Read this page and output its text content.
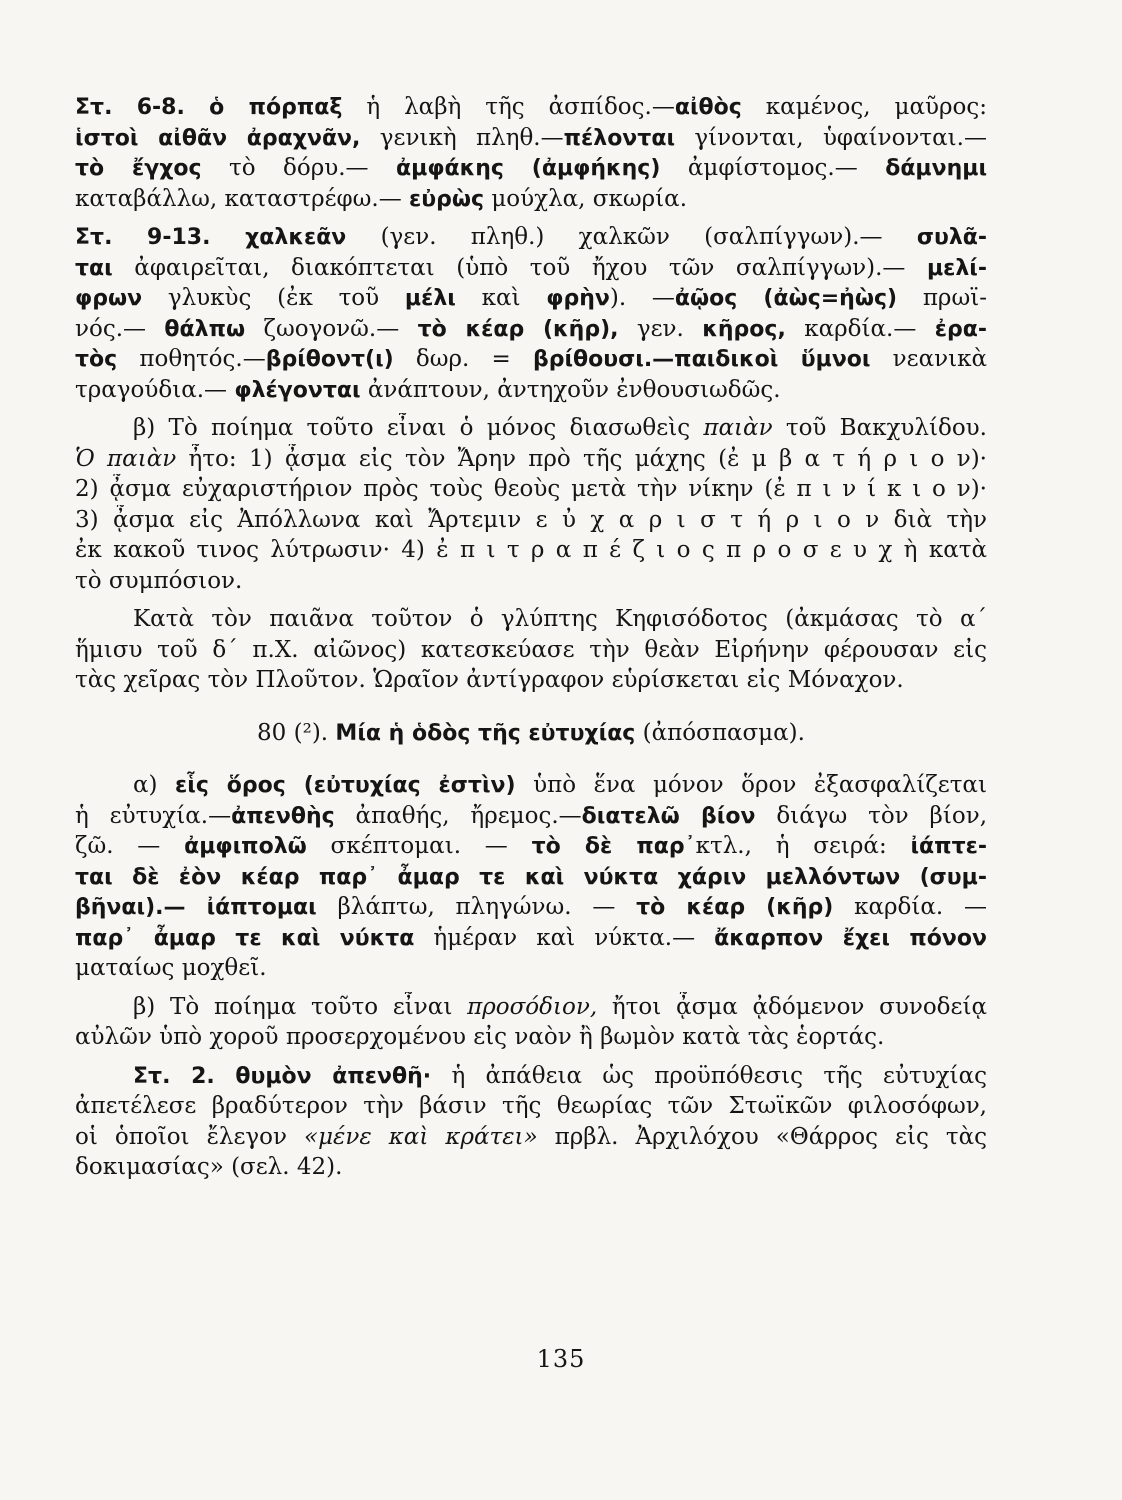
Στ. 6-8. ὁ πόρπαξ ἡ λαβὴ τῆς ἀσπίδος.—αἰθὸς καμένος, μαῦρος:
ἱστοὶ αἰθᾶν ἀραχνᾶν, γενικὴ πληθ.—πέλονται γίνονται, ὑφαίνονται.—
τὸ ἔγχος τὸ δόρυ.— ἀμφάκης (ἀμφήκης) ἀμφίστομος.— δάμνημι
καταβάλλω, καταστρέφω.— εὐρὼς μούχλα, σκωρία.
Στ. 9-13. χαλκεᾶν (γεν. πληθ.) χαλκῶν (σαλπίγγων).— συλᾶ-
ται ἀφαιρεῖται, διακόπτεται (ὑπὸ τοῦ ἤχου τῶν σαλπίγγων).— μελί-
φρων γλυκὺς (ἐκ τοῦ μέλι καὶ φρὴν). —ἀῷος (ἀὼς=ἠὼς) πρωϊ-
νός.— θάλπω ζωογονῶ.— τὸ κέαρ (κῆρ), γεν. κῆρος, καρδία.— ἐρα-
τὸς ποθητός.—βρίθοντ(ι) δωρ. = βρίθουσι.—παιδικοὶ ὕμνοι νεανικὰ
τραγούδια.— φλέγονται ἀνάπτουν, ἀντηχοῦν ἐνθουσιωδῶς.
β) Τὸ ποίημα τοῦτο εἶναι ὁ μόνος διασωθεὶς παιὰν τοῦ Βακχυλίδου.
Ὁ παιὰν ἦτο: 1) ᾆσμα εἰς τὸν Ἄρην πρὸ τῆς μάχης (ἐ μ β α τ ή ρ ι ο ν)·
2) ᾆσμα εὐχαριστήριον πρὸς τοὺς θεοὺς μετὰ τὴν νίκην (ἐ π ι ν ί κ ι ο ν)·
3) ᾆσμα εἰς Ἀπόλλωνα καὶ Ἄρτεμιν ε ὐ χ α ρ ι σ τ ή ρ ι ο ν διὰ τὴν
ἐκ κακοῦ τινος λύτρωσιν· 4) ἐ π ι τ ρ α π έ ζ ι ο ς π ρ ο σ ε υ χ ὴ κατὰ
τὸ συμπόσιον.
Κατὰ τὸν παιᾶνα τοῦτον ὁ γλύπτης Κηφισόδοτος (ἀκμάσας τὸ α´
ἥμισυ τοῦ δ´ π.Χ. αἰῶνος) κατεσκεύασε τὴν θεὰν Εἰρήνην φέρουσαν εἰς
τὰς χεῖρας τὸν Πλοῦτον. Ὡραῖον ἀντίγραφον εὑρίσκεται εἰς Μόναχον.
80 (²). Μία ἡ ὁδὸς τῆς εὐτυχίας (ἀπόσπασμα).
α) εἷς ὅρος (εὐτυχίας ἐστὶν) ὑπὸ ἕνα μόνον ὅρον ἐξασφαλίζεται
ἡ εὐτυχία.—ἀπενθὴς ἀπαθής, ἤρεμος.—διατελῶ βίον διάγω τὸν βίον,
ζῶ. — ἀμφιπολῶ σκέπτομαι. — τὸ δὲ παρ᾽κτλ., ἡ σειρά: ἰάπτε-
ται δὲ ἐὸν κέαρ παρ᾽ ἆμαρ τε καὶ νύκτα χάριν μελλόντων (συμ-
βῆναι).— ἰάπτομαι βλάπτω, πληγώνω. — τὸ κέαρ (κῆρ) καρδία. —
παρ᾽ ἆμαρ τε καὶ νύκτα ἡμέραν καὶ νύκτα.— ἄκαρπον ἔχει πόνον
ματαίως μοχθεῖ.
β) Τὸ ποίημα τοῦτο εἶναι προσόδιον, ἤτοι ᾆσμα ᾀδόμενον συνοδείᾳ
αὐλῶν ὑπὸ χοροῦ προσερχομένου εἰς ναὸν ἢ βωμὸν κατὰ τὰς ἑορτάς.
Στ. 2. θυμὸν ἀπενθῆ· ἡ ἀπάθεια ὡς προϋπόθεσις τῆς εὐτυχίας
ἀπετέλεσε βραδύτερον τὴν βάσιν τῆς θεωρίας τῶν Στωϊκῶν φιλοσόφων,
οἱ ὁποῖοι ἔλεγον «μένε καὶ κράτει» πρβλ. Ἀρχιλόχου «Θάρρος εἰς τὰς
δοκιμασίας» (σελ. 42).
135
